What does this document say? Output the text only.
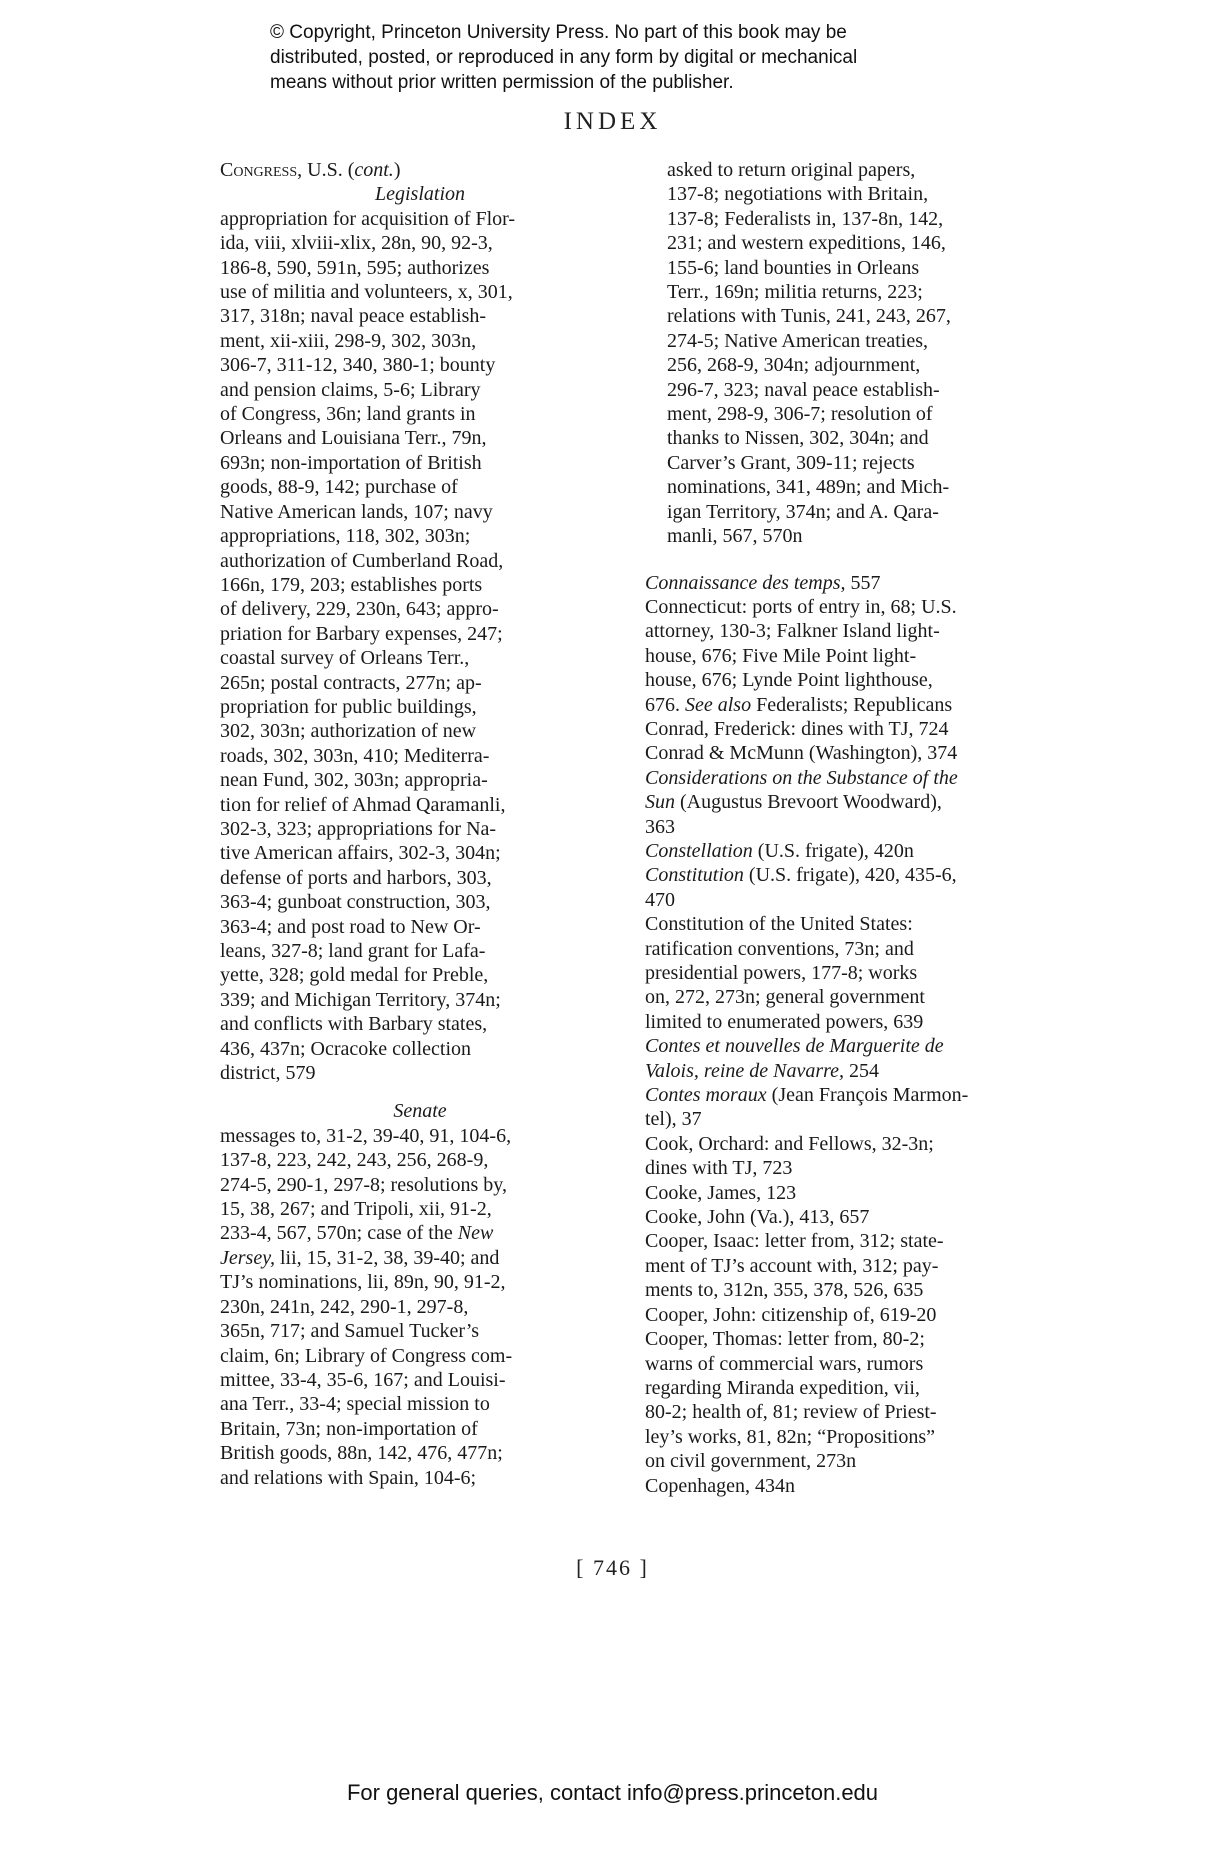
© Copyright, Princeton University Press. No part of this book may be
distributed, posted, or reproduced in any form by digital or mechanical
means without prior written permission of the publisher.
INDEX
Congress, U.S. (cont.)
Legislation
appropriation for acquisition of Flor-
ida, viii, xlviii-xlix, 28n, 90, 92-3,
186-8, 590, 591n, 595; authorizes
use of militia and volunteers, x, 301,
317, 318n; naval peace establish-
ment, xii-xiii, 298-9, 302, 303n,
306-7, 311-12, 340, 380-1; bounty
and pension claims, 5-6; Library
of Congress, 36n; land grants in
Orleans and Louisiana Terr., 79n,
693n; non-importation of British
goods, 88-9, 142; purchase of
Native American lands, 107; navy
appropriations, 118, 302, 303n;
authorization of Cumberland Road,
166n, 179, 203; establishes ports
of delivery, 229, 230n, 643; appro-
priation for Barbary expenses, 247;
coastal survey of Orleans Terr.,
265n; postal contracts, 277n; ap-
propriation for public buildings,
302, 303n; authorization of new
roads, 302, 303n, 410; Mediterra-
nean Fund, 302, 303n; appropria-
tion for relief of Ahmad Qaramanli,
302-3, 323; appropriations for Na-
tive American affairs, 302-3, 304n;
defense of ports and harbors, 303,
363-4; gunboat construction, 303,
363-4; and post road to New Or-
leans, 327-8; land grant for Lafa-
yette, 328; gold medal for Preble,
339; and Michigan Territory, 374n;
and conflicts with Barbary states,
436, 437n; Ocracoke collection
district, 579
Senate
messages to, 31-2, 39-40, 91, 104-6,
137-8, 223, 242, 243, 256, 268-9,
274-5, 290-1, 297-8; resolutions by,
15, 38, 267; and Tripoli, xii, 91-2,
233-4, 567, 570n; case of the New
Jersey, lii, 15, 31-2, 38, 39-40; and
TJ’s nominations, lii, 89n, 90, 91-2,
230n, 241n, 242, 290-1, 297-8,
365n, 717; and Samuel Tucker’s
claim, 6n; Library of Congress com-
mittee, 33-4, 35-6, 167; and Louisi-
ana Terr., 33-4; special mission to
Britain, 73n; non-importation of
British goods, 88n, 142, 476, 477n;
and relations with Spain, 104-6;
asked to return original papers,
137-8; negotiations with Britain,
137-8; Federalists in, 137-8n, 142,
231; and western expeditions, 146,
155-6; land bounties in Orleans
Terr., 169n; militia returns, 223;
relations with Tunis, 241, 243, 267,
274-5; Native American treaties,
256, 268-9, 304n; adjournment,
296-7, 323; naval peace establish-
ment, 298-9, 306-7; resolution of
thanks to Nissen, 302, 304n; and
Carver’s Grant, 309-11; rejects
nominations, 341, 489n; and Mich-
igan Territory, 374n; and A. Qara-
manli, 567, 570n
Connaissance des temps, 557
Connecticut: ports of entry in, 68; U.S.
attorney, 130-3; Falkner Island light-
house, 676; Five Mile Point light-
house, 676; Lynde Point lighthouse,
676. See also Federalists; Republicans
Conrad, Frederick: dines with TJ, 724
Conrad & McMunn (Washington), 374
Considerations on the Substance of the
Sun (Augustus Brevoort Woodward),
363
Constellation (U.S. frigate), 420n
Constitution (U.S. frigate), 420, 435-6,
470
Constitution of the United States:
ratification conventions, 73n; and
presidential powers, 177-8; works
on, 272, 273n; general government
limited to enumerated powers, 639
Contes et nouvelles de Marguerite de
Valois, reine de Navarre, 254
Contes moraux (Jean François Marmon-
tel), 37
Cook, Orchard: and Fellows, 32-3n;
dines with TJ, 723
Cooke, James, 123
Cooke, John (Va.), 413, 657
Cooper, Isaac: letter from, 312; state-
ment of TJ’s account with, 312; pay-
ments to, 312n, 355, 378, 526, 635
Cooper, John: citizenship of, 619-20
Cooper, Thomas: letter from, 80-2;
warns of commercial wars, rumors
regarding Miranda expedition, vii,
80-2; health of, 81; review of Priest-
ley’s works, 81, 82n; “Propositions”
on civil government, 273n
Copenhagen, 434n
[ 746 ]
For general queries, contact info@press.princeton.edu
